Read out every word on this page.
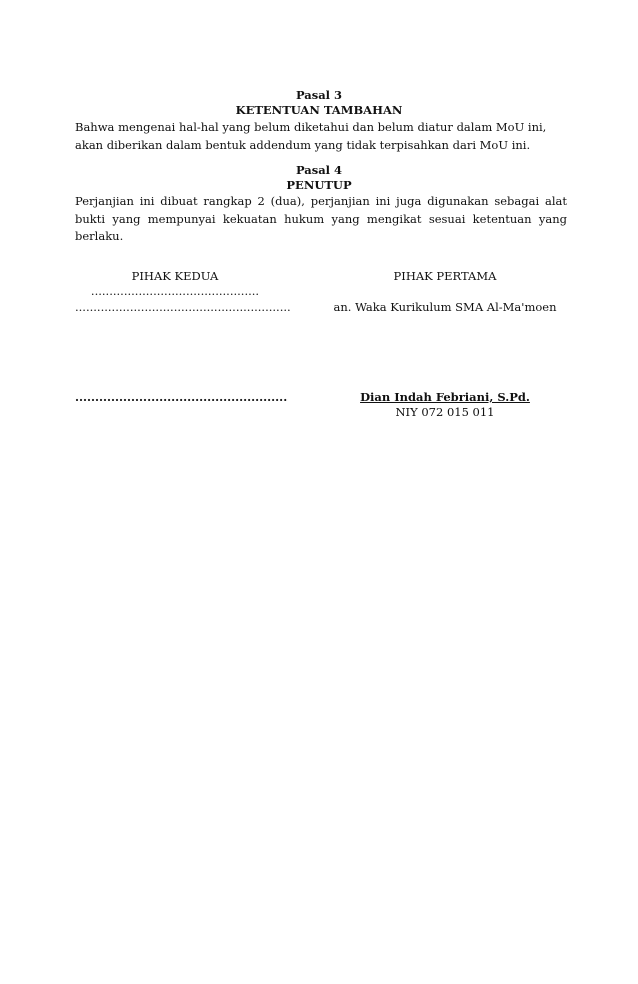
Pasal 3

KETENTUAN TAMBAHAN

Bahwa mengenai hal-hal yang belum diketahui dan belum diatur dalam MoU ini, akan diberikan dalam bentuk addendum yang tidak terpisahkan dari MoU ini.

Pasal 4

PENUTUP

Perjanjian ini dibuat rangkap 2 (dua), perjanjian ini juga digunakan sebagai alat bukti yang mempunyai kekuatan hukum yang mengikat sesuai ketentuan yang berlaku.

PIHAK KEDUA

..............................................

...........................................................

.....................................................

PIHAK PERTAMA

an. Waka Kurikulum SMA Al-Ma'moen

Dian Indah Febriani, S.Pd.

NIY 072 015 011
